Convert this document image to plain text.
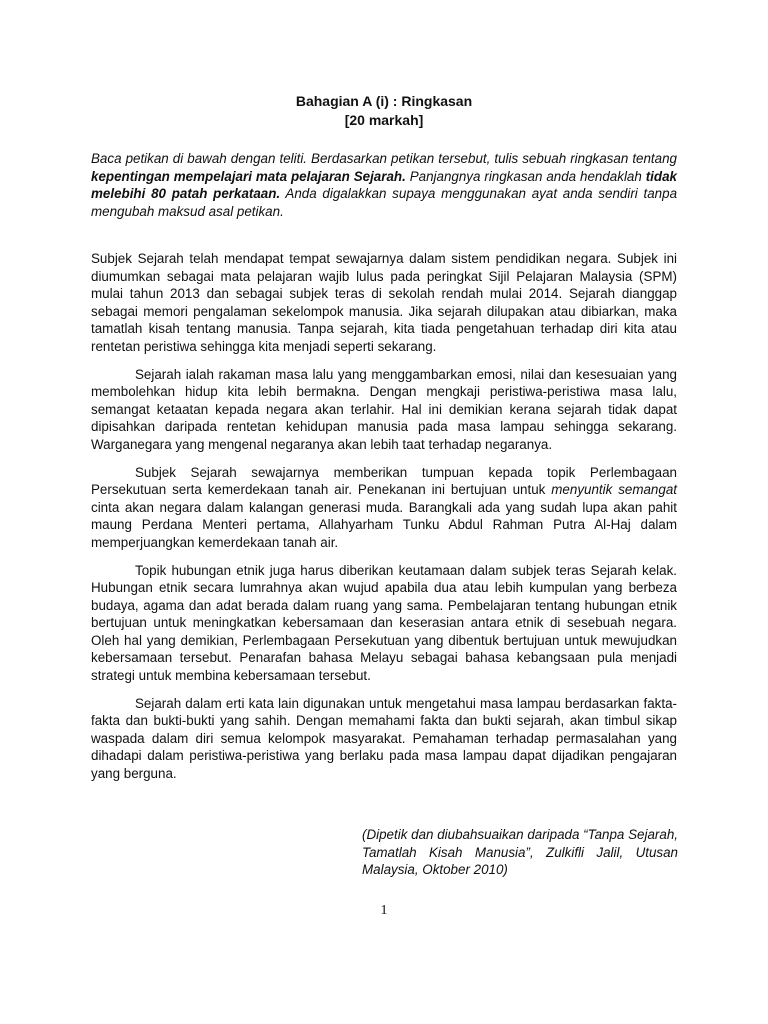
Bahagian A (i) : Ringkasan
[20 markah]

Baca petikan di bawah dengan teliti. Berdasarkan petikan tersebut, tulis sebuah ringkasan tentang kepentingan mempelajari mata pelajaran Sejarah. Panjangnya ringkasan anda hendaklah tidak melebihi 80 patah perkataan. Anda digalakkan supaya menggunakan ayat anda sendiri tanpa mengubah maksud asal petikan.

Subjek Sejarah telah mendapat tempat sewajarnya dalam sistem pendidikan negara. Subjek ini diumumkan sebagai mata pelajaran wajib lulus pada peringkat Sijil Pelajaran Malaysia (SPM) mulai tahun 2013 dan sebagai subjek teras di sekolah rendah mulai 2014. Sejarah dianggap sebagai memori pengalaman sekelompok manusia. Jika sejarah dilupakan atau dibiarkan, maka tamatlah kisah tentang manusia. Tanpa sejarah, kita tiada pengetahuan terhadap diri kita atau rentetan peristiwa sehingga kita menjadi seperti sekarang.

Sejarah ialah rakaman masa lalu yang menggambarkan emosi, nilai dan kesesuaian yang membolehkan hidup kita lebih bermakna. Dengan mengkaji peristiwa-peristiwa masa lalu, semangat ketaatan kepada negara akan terlahir. Hal ini demikian kerana sejarah tidak dapat dipisahkan daripada rentetan kehidupan manusia pada masa lampau sehingga sekarang. Warganegara yang mengenal negaranya akan lebih taat terhadap negaranya.

Subjek Sejarah sewajarnya memberikan tumpuan kepada topik Perlembagaan Persekutuan serta kemerdekaan tanah air. Penekanan ini bertujuan untuk menyuntik semangat cinta akan negara dalam kalangan generasi muda. Barangkali ada yang sudah lupa akan pahit maung Perdana Menteri pertama, Allahyarham Tunku Abdul Rahman Putra Al-Haj dalam memperjuangkan kemerdekaan tanah air.

Topik hubungan etnik juga harus diberikan keutamaan dalam subjek teras Sejarah kelak. Hubungan etnik secara lumrahnya akan wujud apabila dua atau lebih kumpulan yang berbeza budaya, agama dan adat berada dalam ruang yang sama. Pembelajaran tentang hubungan etnik bertujuan untuk meningkatkan kebersamaan dan keserasian antara etnik di sesebuah negara. Oleh hal yang demikian, Perlembagaan Persekutuan yang dibentuk bertujuan untuk mewujudkan kebersamaan tersebut. Penarafan bahasa Melayu sebagai bahasa kebangsaan pula menjadi strategi untuk membina kebersamaan tersebut.

Sejarah dalam erti kata lain digunakan untuk mengetahui masa lampau berdasarkan fakta-fakta dan bukti-bukti yang sahih. Dengan memahami fakta dan bukti sejarah, akan timbul sikap waspada dalam diri semua kelompok masyarakat. Pemahaman terhadap permasalahan yang dihadapi dalam peristiwa-peristiwa yang berlaku pada masa lampau dapat dijadikan pengajaran yang berguna.

(Dipetik dan diubahsuaikan daripada “Tanpa Sejarah, Tamatlah Kisah Manusia”, Zulkifli Jalil, Utusan Malaysia, Oktober 2010)

1
